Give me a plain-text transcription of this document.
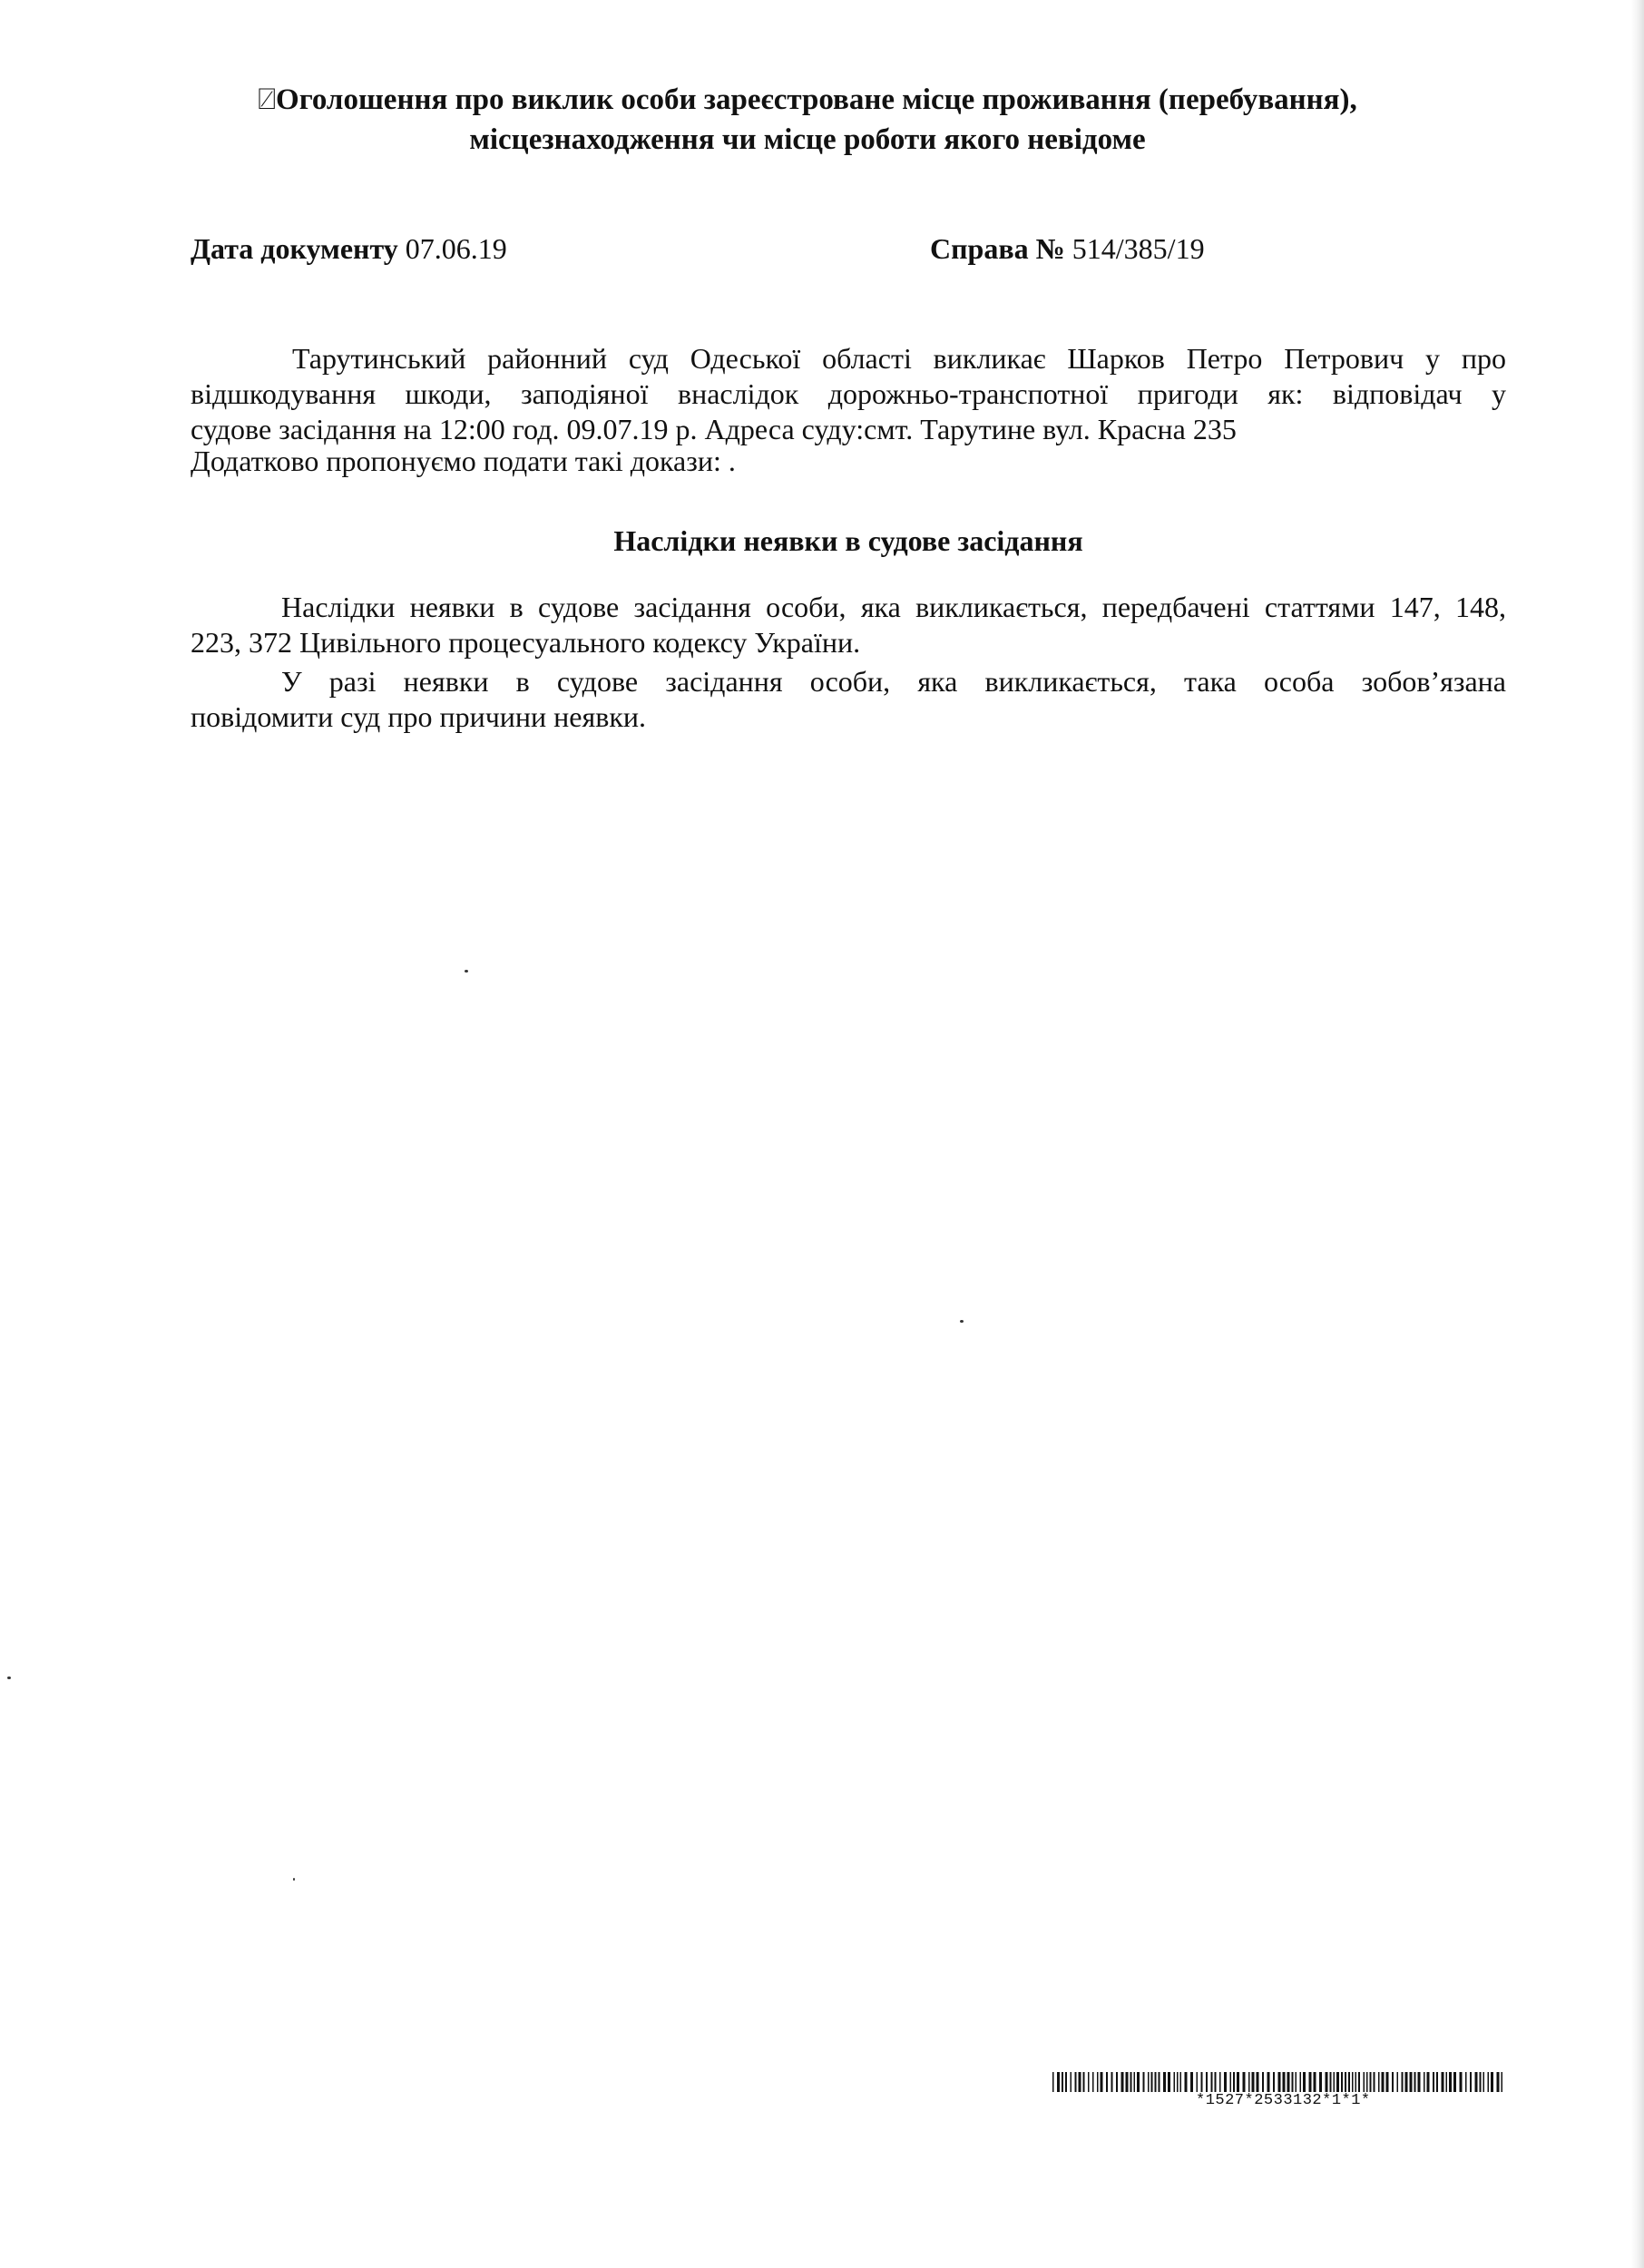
⍁Оголошення про виклик особи зареєстроване місце проживання (перебування),
місцезнаходження чи місце роботи якого невідоме
Дата документу 07.06.19	Справа № 514/385/19
Тарутинський районний суд Одеської області викликає Шарков Петро Петрович у про
відшкодування шкоди, заподіяної внаслідок дорожньо-транспотної пригоди як: відповідач у
судове засідання на 12:00 год. 09.07.19 р. Адреса суду:смт. Тарутине вул. Красна 235
Додатково пропонуємо подати такі докази: .
Наслідки неявки в судове засідання
Наслідки неявки в судове засідання особи, яка викликається, передбачені статтями 147, 148,
223, 372 Цивільного процесуального кодексу України.
У разі неявки в судове засідання особи, яка викликається, така особа зобов’язана
повідомити суд про причини неявки.
*1527*2533132*1*1*
